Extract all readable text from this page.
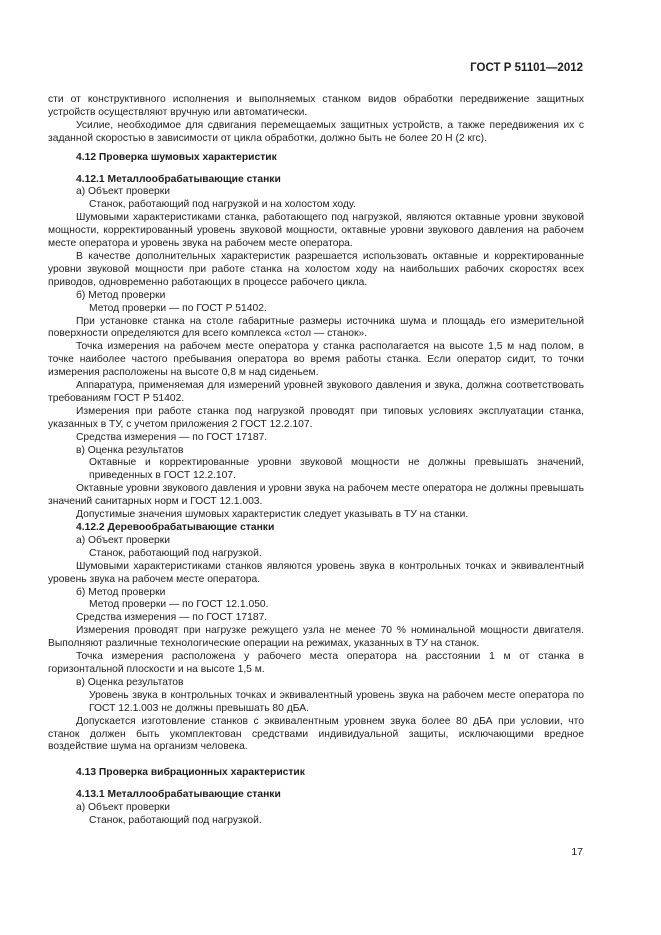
ГОСТ Р 51101—2012

сти от конструктивного исполнения и выполняемых станком видов обработки передвижение защитных устройств осуществляют вручную или автоматически.

Усилие, необходимое для сдвигания перемещаемых защитных устройств, а также передвижения их с заданной скоростью в зависимости от цикла обработки, должно быть не более 20 Н (2 кгс).

4.12 Проверка шумовых характеристик

4.12.1 Металлообрабатывающие станки

а) Объект проверки

Станок, работающий под нагрузкой и на холостом ходу.

Шумовыми характеристиками станка, работающего под нагрузкой, являются октавные уровни звуковой мощности, корректированный уровень звуковой мощности, октавные уровни звукового давления на рабочем месте оператора и уровень звука на рабочем месте оператора.

В качестве дополнительных характеристик разрешается использовать октавные и корректированные уровни звуковой мощности при работе станка на холостом ходу на наибольших рабочих скоростях всех приводов, одновременно работающих в процессе рабочего цикла.

б) Метод проверки

Метод проверки — по ГОСТ Р 51402.

При установке станка на столе габаритные размеры источника шума и площадь его измерительной поверхности определяются для всего комплекса «стол — станок».

Точка измерения на рабочем месте оператора у станка располагается на высоте 1,5 м над полом, в точке наиболее частого пребывания оператора во время работы станка. Если оператор сидит, то точки измерения расположены на высоте 0,8 м над сиденьем.

Аппаратура, применяемая для измерений уровней звукового давления и звука, должна соответствовать требованиям ГОСТ Р 51402.

Измерения при работе станка под нагрузкой проводят при типовых условиях эксплуатации станка, указанных в ТУ, с учетом приложения 2 ГОСТ 12.2.107.

Средства измерения — по ГОСТ 17187.

в) Оценка результатов

Октавные и корректированные уровни звуковой мощности не должны превышать значений, приведенных в ГОСТ 12.2.107.

Октавные уровни звукового давления и уровни звука на рабочем месте оператора не должны превышать значений санитарных норм и ГОСТ 12.1.003.

Допустимые значения шумовых характеристик следует указывать в ТУ на станки.

4.12.2 Деревообрабатывающие станки

а) Объект проверки

Станок, работающий под нагрузкой.

Шумовыми характеристиками станков являются уровень звука в контрольных точках и эквивалентный уровень звука на рабочем месте оператора.

б) Метод проверки

Метод проверки — по ГОСТ 12.1.050.

Средства измерения — по ГОСТ 17187.

Измерения проводят при нагрузке режущего узла не менее 70 % номинальной мощности двигателя. Выполняют различные технологические операции на режимах, указанных в ТУ на станок.

Точка измерения расположена у рабочего места оператора на расстоянии 1 м от станка в горизонтальной плоскости и на высоте 1,5 м.

в) Оценка результатов

Уровень звука в контрольных точках и эквивалентный уровень звука на рабочем месте оператора по ГОСТ 12.1.003 не должны превышать 80 дБА.

Допускается изготовление станков с эквивалентным уровнем звука более 80 дБА при условии, что станок должен быть укомплектован средствами индивидуальной защиты, исключающими вредное воздействие шума на организм человека.

4.13 Проверка вибрационных характеристик

4.13.1 Металлообрабатывающие станки

а) Объект проверки

Станок, работающий под нагрузкой.

17
